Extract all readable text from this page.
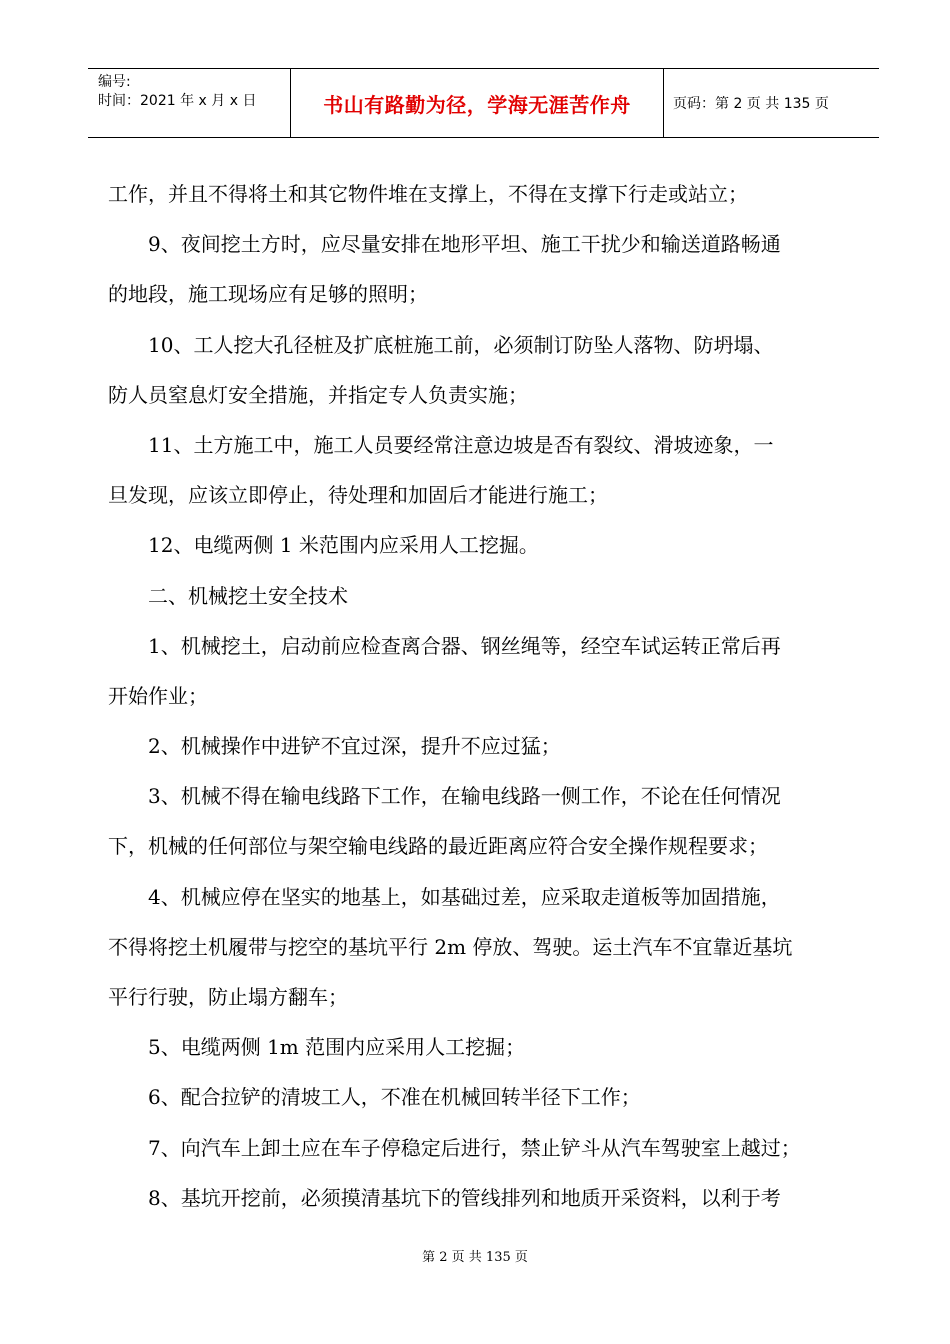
编号:
时间：2021 年 x 月 x 日	书山有路勤为径，学海无涯苦作舟	页码：第 2 页 共 135 页
工作，并且不得将土和其它物件堆在支撑上，不得在支撑下行走或站立；
　　9、夜间挖土方时，应尽量安排在地形平坦、施工干扰少和输送道路畅通
的地段，施工现场应有足够的照明；
　　10、工人挖大孔径桩及扩底桩施工前，必须制订防坠人落物、防坍塌、
防人员窒息灯安全措施，并指定专人负责实施；
　　11、土方施工中，施工人员要经常注意边坡是否有裂纹、滑坡迹象，一
旦发现，应该立即停止，待处理和加固后才能进行施工；
　　12、电缆两侧 1 米范围内应采用人工挖掘。
　　二、机械挖土安全技术
　　1、机械挖土，启动前应检查离合器、钢丝绳等，经空车试运转正常后再
开始作业；
　　2、机械操作中进铲不宜过深，提升不应过猛；
　　3、机械不得在输电线路下工作，在输电线路一侧工作，不论在任何情况
下，机械的任何部位与架空输电线路的最近距离应符合安全操作规程要求；
　　4、机械应停在坚实的地基上，如基础过差，应采取走道板等加固措施，
不得将挖土机履带与挖空的基坑平行 2m 停放、驾驶。运土汽车不宜靠近基坑
平行行驶，防止塌方翻车；
　　5、电缆两侧 1m 范围内应采用人工挖掘；
　　6、配合拉铲的清坡工人，不准在机械回转半径下工作；
　　7、向汽车上卸土应在车子停稳定后进行，禁止铲斗从汽车驾驶室上越过；
　　8、基坑开挖前，必须摸清基坑下的管线排列和地质开采资料，以利于考
第 2 页 共 135 页
